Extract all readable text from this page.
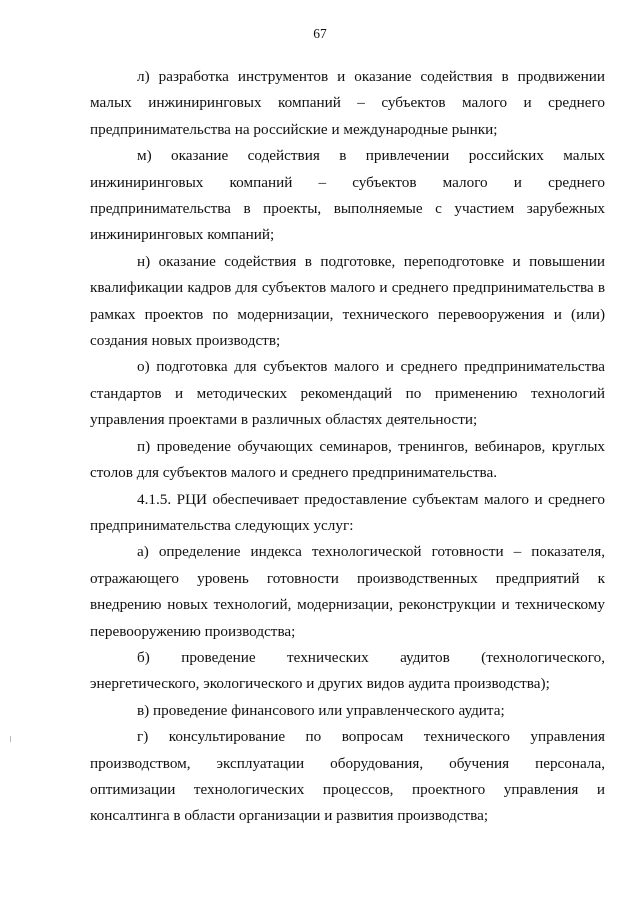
67

л) разработка инструментов и оказание содействия в продвижении малых инжиниринговых компаний – субъектов малого и среднего предпринимательства на российские и международные рынки;

м) оказание содействия в привлечении российских малых инжиниринговых компаний – субъектов малого и среднего предпринимательства в проекты, выполняемые с участием зарубежных инжиниринговых компаний;

н) оказание содействия в подготовке, переподготовке и повышении квалификации кадров для субъектов малого и среднего предпринимательства в рамках проектов по модернизации, технического перевооружения и (или) создания новых производств;

о) подготовка для субъектов малого и среднего предпринимательства стандартов и методических рекомендаций по применению технологий управления проектами в различных областях деятельности;

п) проведение обучающих семинаров, тренингов, вебинаров, круглых столов для субъектов малого и среднего предпринимательства.

4.1.5. РЦИ обеспечивает предоставление субъектам малого и среднего предпринимательства следующих услуг:

а) определение индекса технологической готовности – показателя, отражающего уровень готовности производственных предприятий к внедрению новых технологий, модернизации, реконструкции и техническому перевооружению производства;

б) проведение технических аудитов (технологического, энергетического, экологического и других видов аудита производства);

в) проведение финансового или управленческого аудита;

г) консультирование по вопросам технического управления производством, эксплуатации оборудования, обучения персонала, оптимизации технологических процессов, проектного управления и консалтинга в области организации и развития производства;
